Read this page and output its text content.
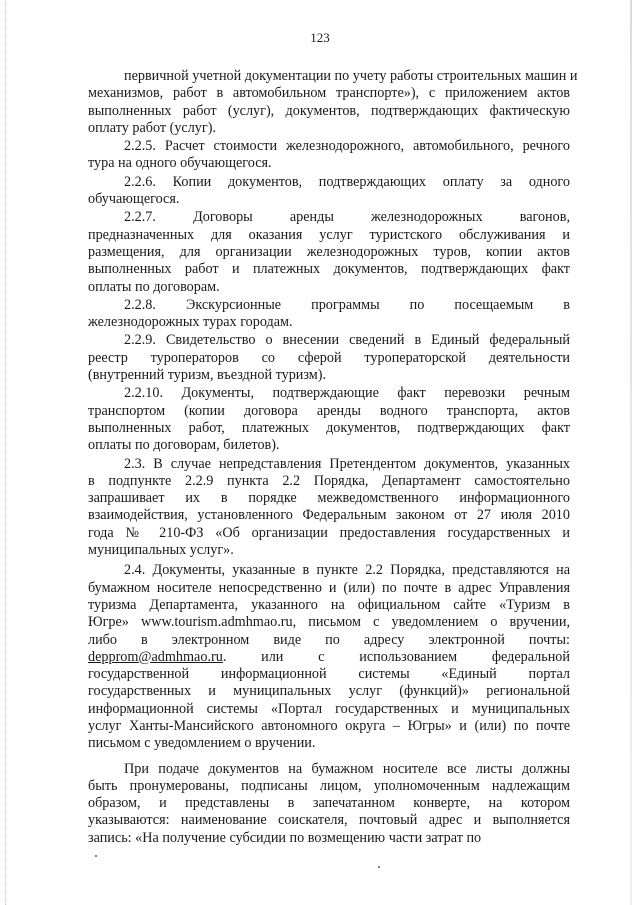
123
первичной учетной документации по учету работы строительных машин и
механизмов, работ в автомобильном транспорте»), с приложением актов
выполненных работ (услуг), документов, подтверждающих фактическую
оплату работ (услуг).
2.2.5. Расчет стоимости железнодорожного, автомобильного, речного
тура на одного обучающегося.
2.2.6. Копии документов, подтверждающих оплату за одного
обучающегося.
2.2.7. Договоры аренды железнодорожных вагонов,
предназначенных для оказания услуг туристского обслуживания и
размещения, для организации железнодорожных туров, копии актов
выполненных работ и платежных документов, подтверждающих факт
оплаты по договорам.
2.2.8. Экскурсионные программы по посещаемым в
железнодорожных турах городам.
2.2.9. Свидетельство о внесении сведений в Единый федеральный
реестр туроператоров со сферой туроператорской деятельности
(внутренний туризм, въездной туризм).
2.2.10. Документы, подтверждающие факт перевозки речным
транспортом (копии договора аренды водного транспорта, актов
выполненных работ, платежных документов, подтверждающих факт
оплаты по договорам, билетов).
2.3. В случае непредставления Претендентом документов, указанных
в подпункте 2.2.9 пункта 2.2 Порядка, Департамент самостоятельно
запрашивает их в порядке межведомственного информационного
взаимодействия, установленного Федеральным законом от 27 июля 2010
года № 210-ФЗ «Об организации предоставления государственных и
муниципальных услуг».
2.4. Документы, указанные в пункте 2.2 Порядка, представляются на
бумажном носителе непосредственно и (или) по почте в адрес Управления
туризма Департамента, указанного на официальном сайте «Туризм в
Югре» www.tourism.admhmao.ru, письмом с уведомлением о вручении,
либо в электронном виде по адресу электронной почты:
depprom@admhmao.ru. или с использованием федеральной
государственной информационной системы «Единый портал
государственных и муниципальных услуг (функций)» региональной
информационной системы «Портал государственных и муниципальных
услуг Ханты-Мансийского автономного округа – Югры» и (или) по почте
письмом с уведомлением о вручении.
При подаче документов на бумажном носителе все листы должны
быть пронумерованы, подписаны лицом, уполномоченным надлежащим
образом, и представлены в запечатанном конверте, на котором
указываются: наименование соискателя, почтовый адрес и выполняется
запись: «На получение субсидии по возмещению части затрат по
